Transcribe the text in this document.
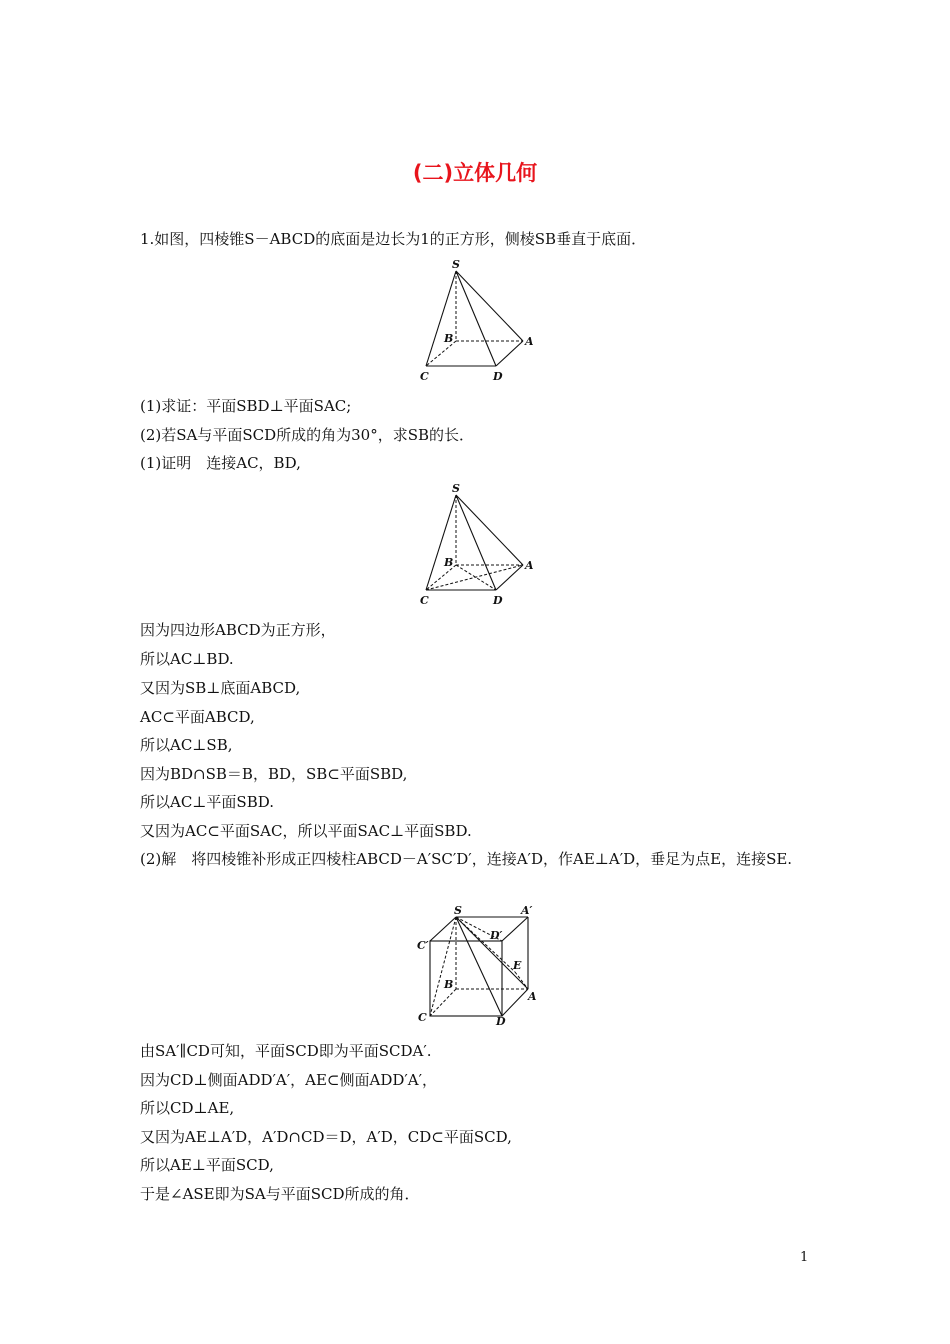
(二)立体几何
1.如图，四棱锥S－ABCD的底面是边长为1的正方形，侧棱SB垂直于底面．
S
B	A
C	D
(1)求证：平面SBD⊥平面SAC;
(2)若SA与平面SCD所成的角为30°，求SB的长．
(1)证明　连接AC，BD,
S
B	A
C	D
因为四边形ABCD为正方形，
所以AC⊥BD.
又因为SB⊥底面ABCD,
AC⊂平面ABCD,
所以AC⊥SB,
因为BD∩SB＝B，BD，SB⊂平面SBD,
所以AC⊥平面SBD.
又因为AC⊂平面SAC，所以平面SAC⊥平面SBD.
(2)解　将四棱锥补形成正四棱柱ABCD－A′SC′D′，连接A′D，作AE⊥A′D，垂足为点E，连接SE.
S	A′
C′
D′
E
B
A
C	D
由SA′∥CD可知，平面SCD即为平面SCDA′.
因为CD⊥侧面ADD′A′，AE⊂侧面ADD′A′，
所以CD⊥AE,
又因为AE⊥A′D，A′D∩CD＝D，A′D，CD⊂平面SCD,
所以AE⊥平面SCD,
于是∠ASE即为SA与平面SCD所成的角．
1
